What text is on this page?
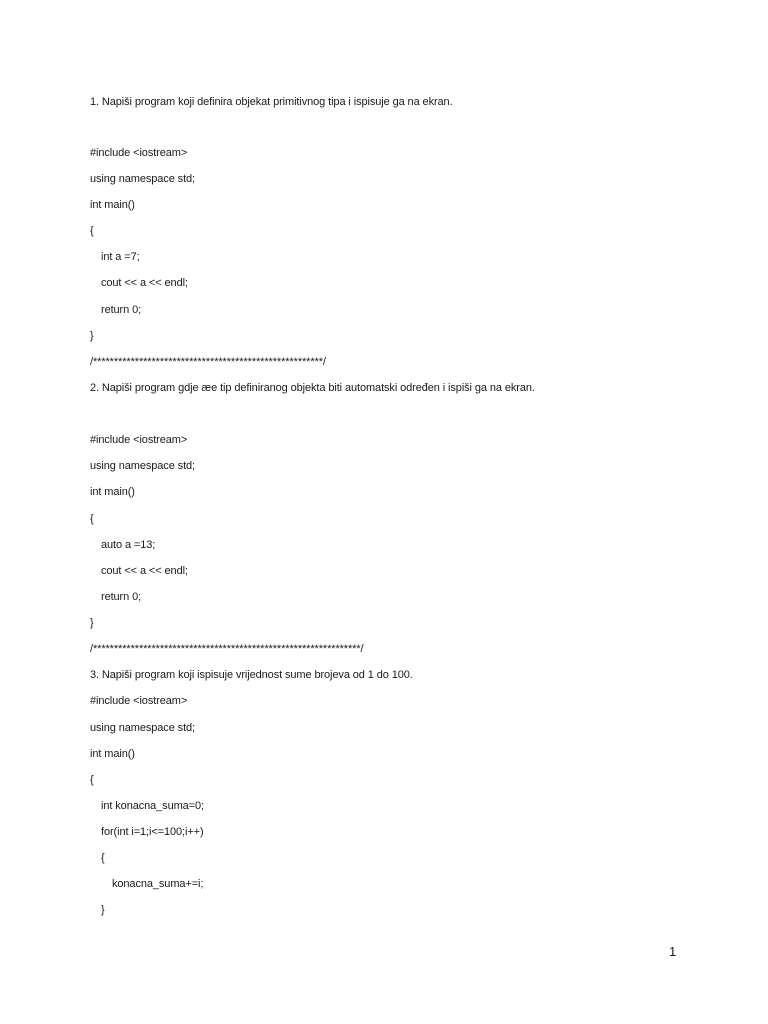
1. Napiši program koji definira objekat primitivnog tipa i ispisuje ga na ekran.
#include <iostream>
using namespace std;
int main()
{
int a =7;
cout << a << endl;
return 0;
}
/*******************************************************/
2. Napiši program gdje æe tip definiranog objekta biti automatski određen i ispiši ga na ekran.
#include <iostream>
using namespace std;
int main()
{
auto a =13;
cout << a << endl;
return 0;
}
/****************************************************************/
3. Napiši program koji ispisuje vrijednost sume brojeva od 1 do 100.
#include <iostream>
using namespace std;
int main()
{
int konacna_suma=0;
for(int i=1;i<=100;i++)
{
konacna_suma+=i;
}
1
